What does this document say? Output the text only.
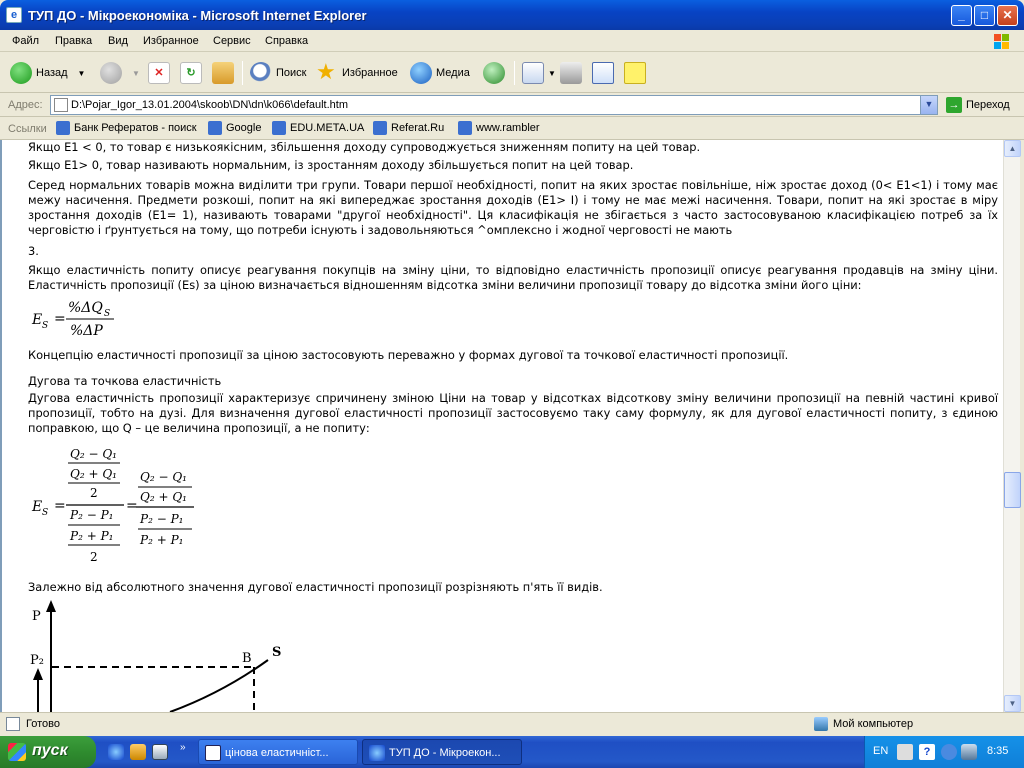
e ТУП ДО - Мікроекономіка - Microsoft Internet Explorer	_	□	✕
Файл Правка Вид Избранное Сервис Справка
Назад ▼	▼	✕	↻	Поиск ★ Избранное	Медиа	▼
Адрес:	D:\Pojar_Igor_13.01.2004\skoob\DN\dn\k066\default.htm	▼	→ Переход
Ссылки Банк Рефератов - поиск	Google	EDU.META.UA Referat.Ru	www.rambler

Якщо Е1 < 0, то товар є низькоякісним, збільшення доходу супроводжується зниженням попиту на цей товар.

Якщо Е1> 0, товар називають нормальним, із зростанням доходу збільшується попит на цей товар.

Серед нормальних товарів можна виділити три групи. Товари першої необхідності, попит на яких зростає повільніше, ніж зростає доход (0< Е1<1) і тому має межу насичення. Предмети розкоші, попит на які випереджає зростання доходів (Е1> I) і тому не має межі насичення. Товари, попит на які зростає в міру зростання доходів (Е1= 1), називають товарами "другої необхідності". Ця класифікація не збігається з часто застосовуваною класифікацією потреб за їх черговістю і ґрунтується на тому, що потреби існують і задовольняються ^омплексно і жодної черговості не мають

3.

Якщо еластичність попиту описує реагування покупців на зміну ціни, то відповідно еластичність пропозиції описує реагування продавців на зміну ціни. Еластичність пропозиції (Es) за ціною визначається відношенням відсотка зміни величини пропозиції товару до відсотка зміни його ціни:

E S =
%ΔQ S
%ΔP

Концепцію еластичності пропозиції за ціною застосовують переважно у формах дугової та точкової еластичності пропозиції.

Дугова та точкова еластичність

Дугова еластичність пропозиції характеризує спричинену зміною Ціни на товар у відсотках відсоткову зміну величини пропозиції на певній частині кривої пропозиції, тобто на дузі. Для визначення дугової еластичності пропозиції застосовуємо таку саму формулу, як для дугової еластичності попиту, з єдиною поправкою, що Q – це величина пропозиції, а не попиту:

E S =
Q₂ − Q₁
Q₂ + Q₁
2
P₂ − P₁
P₂ + P₁
2
=
Q₂ − Q₁
Q₂ + Q₁
P₂ − P₁
P₂ + P₁

Залежно від абсолютного значення дугової еластичності пропозиції розрізняють п'ять її видів.

P
P₂	B S
▲
▼
Готово	Мой компьютер
пуск	»	цінова еластичніст...	ТУП ДО - Мікроекон...	EN	?	8:35
